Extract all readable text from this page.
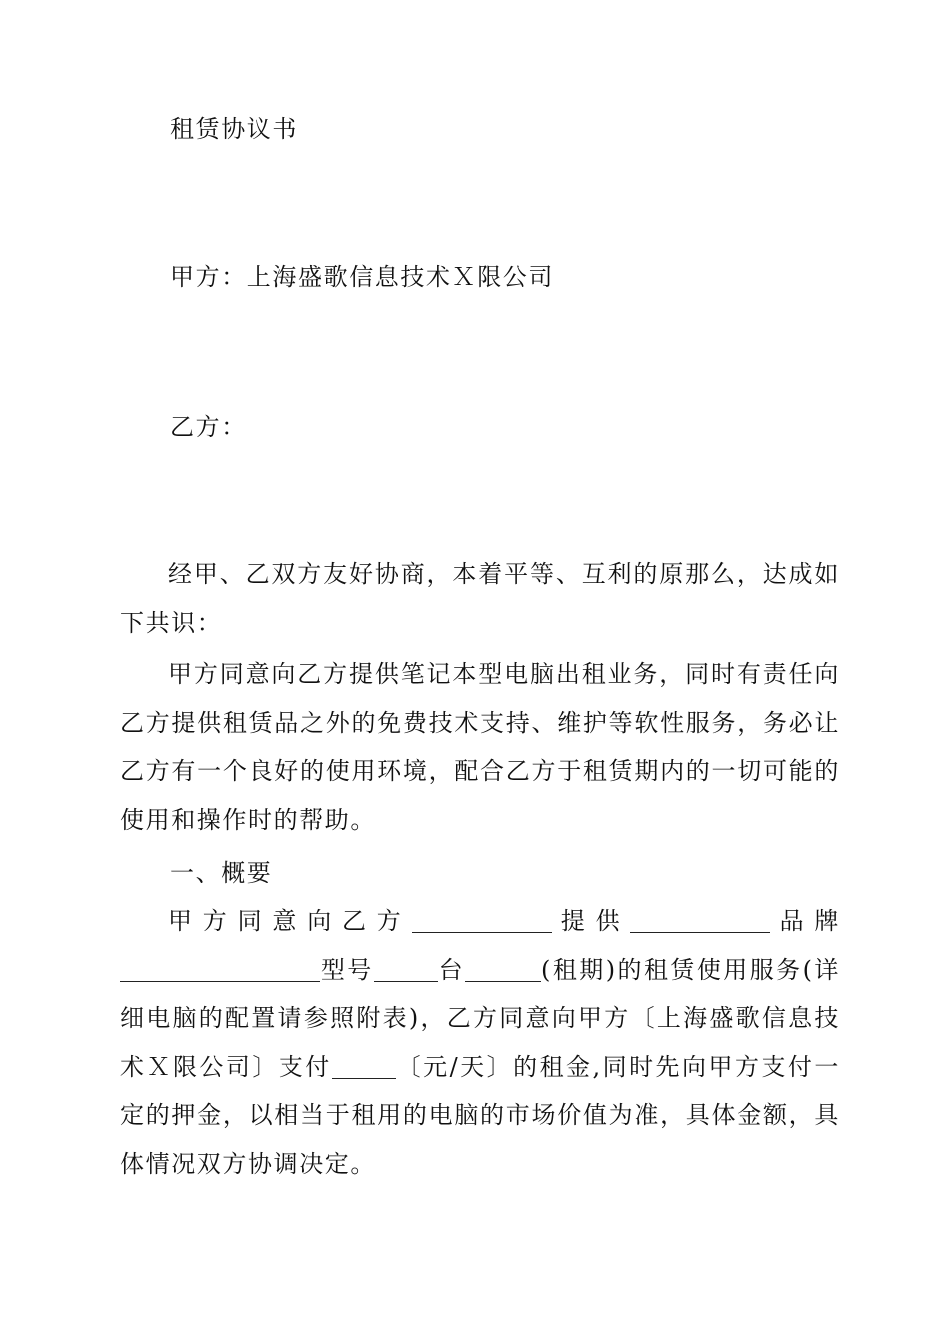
租赁协议书

甲方：上海盛歌信息技术Ｘ限公司

乙方：

经甲、乙双方友好协商，本着平等、互利的原那么，达成如下共识：

甲方同意向乙方提供笔记本型电脑出租业务，同时有责任向乙方提供租赁品之外的免费技术支持、维护等软性服务，务必让乙方有一个良好的使用环境，配合乙方于租赁期内的一切可能的使用和操作时的帮助。

一、概要

甲方同意向乙方	提供	品牌型号	台	(租期)的租赁使用服务(详细电脑的配置请参照附表)，乙方同意向甲方〔上海盛歌信息技术Ｘ限公司〕支付	〔元/天〕的租金,同时先向甲方支付一定的押金，以相当于租用的电脑的市场价值为准，具体金额，具体情况双方协调决定。
